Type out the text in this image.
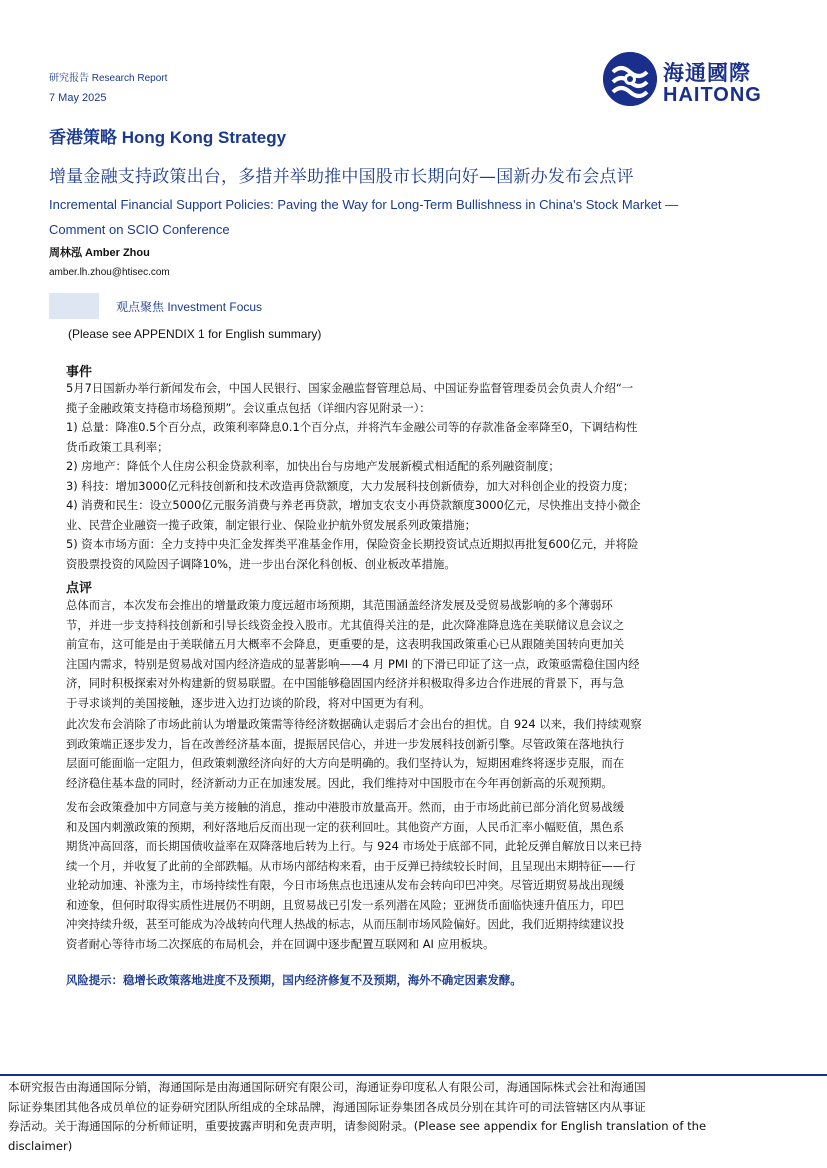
研究报告 Research Report
7 May 2025
海通國際
HAITONG
香港策略 Hong Kong Strategy
增量金融支持政策出台，多措并举助推中国股市长期向好—国新办发布会点评
Incremental Financial Support Policies: Paving the Way for Long-Term Bullishness in China's Stock Market —
Comment on SCIO Conference
周林泓 Amber Zhou
amber.lh.zhou@htisec.com
观点聚焦 Investment Focus
(Please see APPENDIX 1 for English summary)
事件
5月7日国新办举行新闻发布会，中国人民银行、国家金融监督管理总局、中国证券监督管理委员会负责人介绍“一
揽子金融政策支持稳市场稳预期”。会议重点包括（详细内容见附录一）：
1) 总量：降准0.5个百分点，政策利率降息0.1个百分点，并将汽车金融公司等的存款准备金率降至0，下调结构性
货币政策工具利率；
2) 房地产：降低个人住房公积金贷款利率，加快出台与房地产发展新模式相适配的系列融资制度；
3) 科技：增加3000亿元科技创新和技术改造再贷款额度，大力发展科技创新债券，加大对科创企业的投资力度；
4) 消费和民生：设立5000亿元服务消费与养老再贷款，增加支农支小再贷款额度3000亿元，尽快推出支持小微企
业、民营企业融资一揽子政策，制定银行业、保险业护航外贸发展系列政策措施；
5) 资本市场方面：全力支持中央汇金发挥类平准基金作用，保险资金长期投资试点近期拟再批复600亿元，并将险
资股票投资的风险因子调降10%，进一步出台深化科创板、创业板改革措施。
点评
总体而言，本次发布会推出的增量政策力度远超市场预期，其范围涵盖经济发展及受贸易战影响的多个薄弱环
节，并进一步支持科技创新和引导长线资金投入股市。尤其值得关注的是，此次降准降息选在美联储议息会议之
前宣布，这可能是由于美联储五月大概率不会降息，更重要的是，这表明我国政策重心已从跟随美国转向更加关
注国内需求，特别是贸易战对国内经济造成的显著影响——4 月 PMI 的下滑已印证了这一点，政策亟需稳住国内经
济，同时积极探索对外构建新的贸易联盟。在中国能够稳固国内经济并积极取得多边合作进展的背景下，再与急
于寻求谈判的美国接触，逐步进入边打边谈的阶段，将对中国更为有利。
此次发布会消除了市场此前认为增量政策需等待经济数据确认走弱后才会出台的担忧。自 924 以来，我们持续观察
到政策端正逐步发力，旨在改善经济基本面，提振居民信心，并进一步发展科技创新引擎。尽管政策在落地执行
层面可能面临一定阻力，但政策刺激经济向好的大方向是明确的。我们坚持认为，短期困难终将逐步克服，而在
经济稳住基本盘的同时，经济新动力正在加速发展。因此，我们维持对中国股市在今年再创新高的乐观预期。
发布会政策叠加中方同意与美方接触的消息，推动中港股市放量高开。然而，由于市场此前已部分消化贸易战缓
和及国内刺激政策的预期，利好落地后反而出现一定的获利回吐。其他资产方面，人民币汇率小幅贬值，黑色系
期货冲高回落，而长期国债收益率在双降落地后转为上行。与 924 市场处于底部不同，此轮反弹自解放日以来已持
续一个月，并收复了此前的全部跌幅。从市场内部结构来看，由于反弹已持续较长时间，且呈现出末期特征——行
业轮动加速、补涨为主，市场持续性有限，今日市场焦点也迅速从发布会转向印巴冲突。尽管近期贸易战出现缓
和迹象，但何时取得实质性进展仍不明朗，且贸易战已引发一系列潜在风险；亚洲货币面临快速升值压力，印巴
冲突持续升级，甚至可能成为冷战转向代理人热战的标志，从而压制市场风险偏好。因此，我们近期持续建议投
资者耐心等待市场二次探底的布局机会，并在回调中逐步配置互联网和 AI 应用板块。
风险提示：稳增长政策落地进度不及预期，国内经济修复不及预期，海外不确定因素发酵。
本研究报告由海通国际分销，海通国际是由海通国际研究有限公司，海通证券印度私人有限公司，海通国际株式会社和海通国
际证券集团其他各成员单位的证券研究团队所组成的全球品牌，海通国际证券集团各成员分别在其许可的司法管辖区内从事证
券活动。关于海通国际的分析师证明，重要披露声明和免责声明，请参阅附录。(Please see appendix for English translation of the
disclaimer)
